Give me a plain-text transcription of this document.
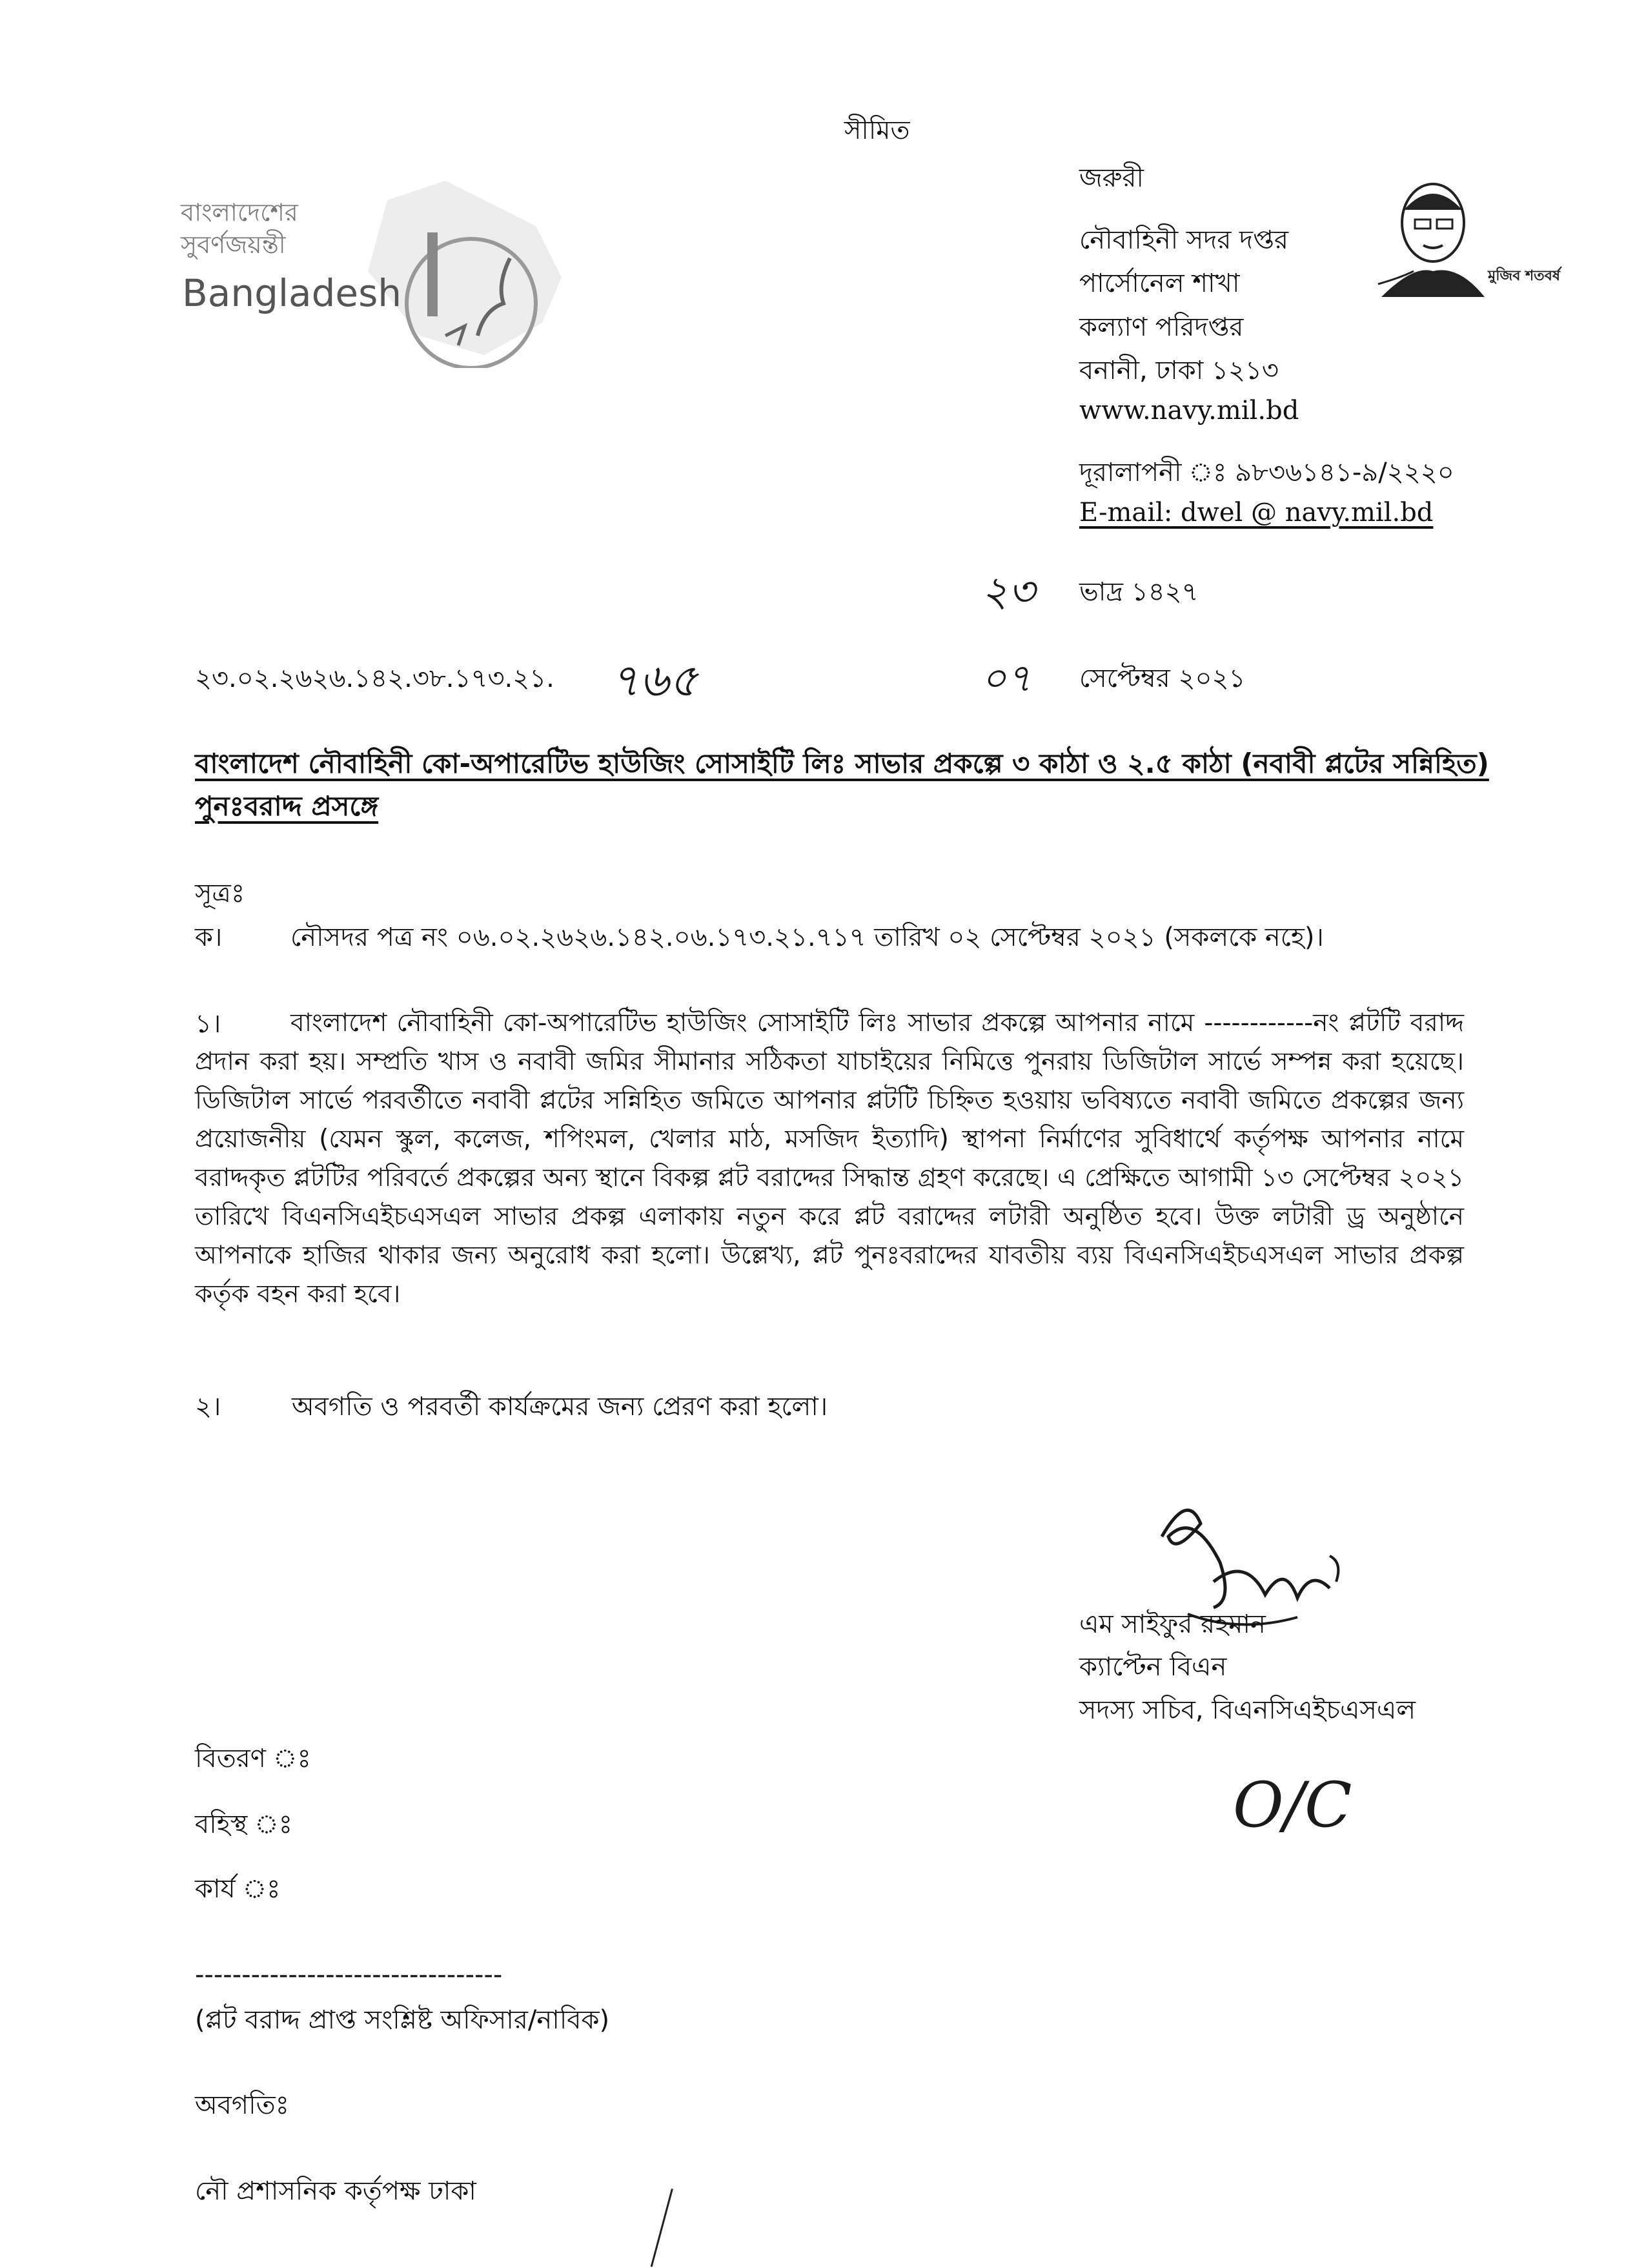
সীমিত
বাংলাদেশের
সুবর্ণজয়ন্তী
Bangladesh
জরুরী
নৌবাহিনী সদর দপ্তর
পার্সোনেল শাখা
কল্যাণ পরিদপ্তর
বনানী, ঢাকা ১২১৩
www.navy.mil.bd
দূরালাপনী ঃ ৯৮৩৬১৪১-৯/২২২০
E-mail: dwel @ navy.mil.bd
মুজিব শতবর্ষ
২৩ ভাদ্র ১৪২৭
২৩.০২.২৬২৬.১৪২.৩৮.১৭৩.২১. ৭৬৫	০৭ সেপ্টেম্বর ২০২১
বাংলাদেশ নৌবাহিনী কো-অপারেটিভ হাউজিং সোসাইটি লিঃ সাভার প্রকল্পে ৩ কাঠা ও ২.৫ কাঠা (নবাবী প্লটের সন্নিহিত) পুনঃবরাদ্দ প্রসঙ্গে
সূত্রঃ
ক।	নৌসদর পত্র নং ০৬.০২.২৬২৬.১৪২.০৬.১৭৩.২১.৭১৭ তারিখ ০২ সেপ্টেম্বর ২০২১ (সকলকে নহে)।
১।	বাংলাদেশ নৌবাহিনী কো-অপারেটিভ হাউজিং সোসাইটি লিঃ সাভার প্রকল্পে আপনার নামে ------------নং প্লটটি বরাদ্দ প্রদান করা হয়। সম্প্রতি খাস ও নবাবী জমির সীমানার সঠিকতা যাচাইয়ের নিমিত্তে পুনরায় ডিজিটাল সার্ভে সম্পন্ন করা হয়েছে। ডিজিটাল সার্ভে পরবর্তীতে নবাবী প্লটের সন্নিহিত জমিতে আপনার প্লটটি চিহ্নিত হওয়ায় ভবিষ্যতে নবাবী জমিতে প্রকল্পের জন্য প্রয়োজনীয় (যেমন স্কুল, কলেজ, শপিংমল, খেলার মাঠ, মসজিদ ইত্যাদি) স্থাপনা নির্মাণের সুবিধার্থে কর্তৃপক্ষ আপনার নামে বরাদ্দকৃত প্লটটির পরিবর্তে প্রকল্পের অন্য স্থানে বিকল্প প্লট বরাদ্দের সিদ্ধান্ত গ্রহণ করেছে। এ প্রেক্ষিতে আগামী ১৩ সেপ্টেম্বর ২০২১ তারিখে বিএনসিএইচএসএল সাভার প্রকল্প এলাকায় নতুন করে প্লট বরাদ্দের লটারী অনুষ্ঠিত হবে। উক্ত লটারী ড্র অনুষ্ঠানে আপনাকে হাজির থাকার জন্য অনুরোধ করা হলো। উল্লেখ্য, প্লট পুনঃবরাদ্দের যাবতীয় ব্যয় বিএনসিএইচএসএল সাভার প্রকল্প কর্তৃক বহন করা হবে।
২।	অবগতি ও পরবর্তী কার্যক্রমের জন্য প্রেরণ করা হলো।
এম সাইফুর রহমান
ক্যাপ্টেন বিএন
সদস্য সচিব, বিএনসিএইচএসএল
O/C
বিতরণ ঃ
বহিস্থ ঃ
কার্য ঃ
---------------------------------
(প্লট বরাদ্দ প্রাপ্ত সংশ্লিষ্ট অফিসার/নাবিক)
অবগতিঃ
নৌ প্রশাসনিক কর্তৃপক্ষ ঢাকা
